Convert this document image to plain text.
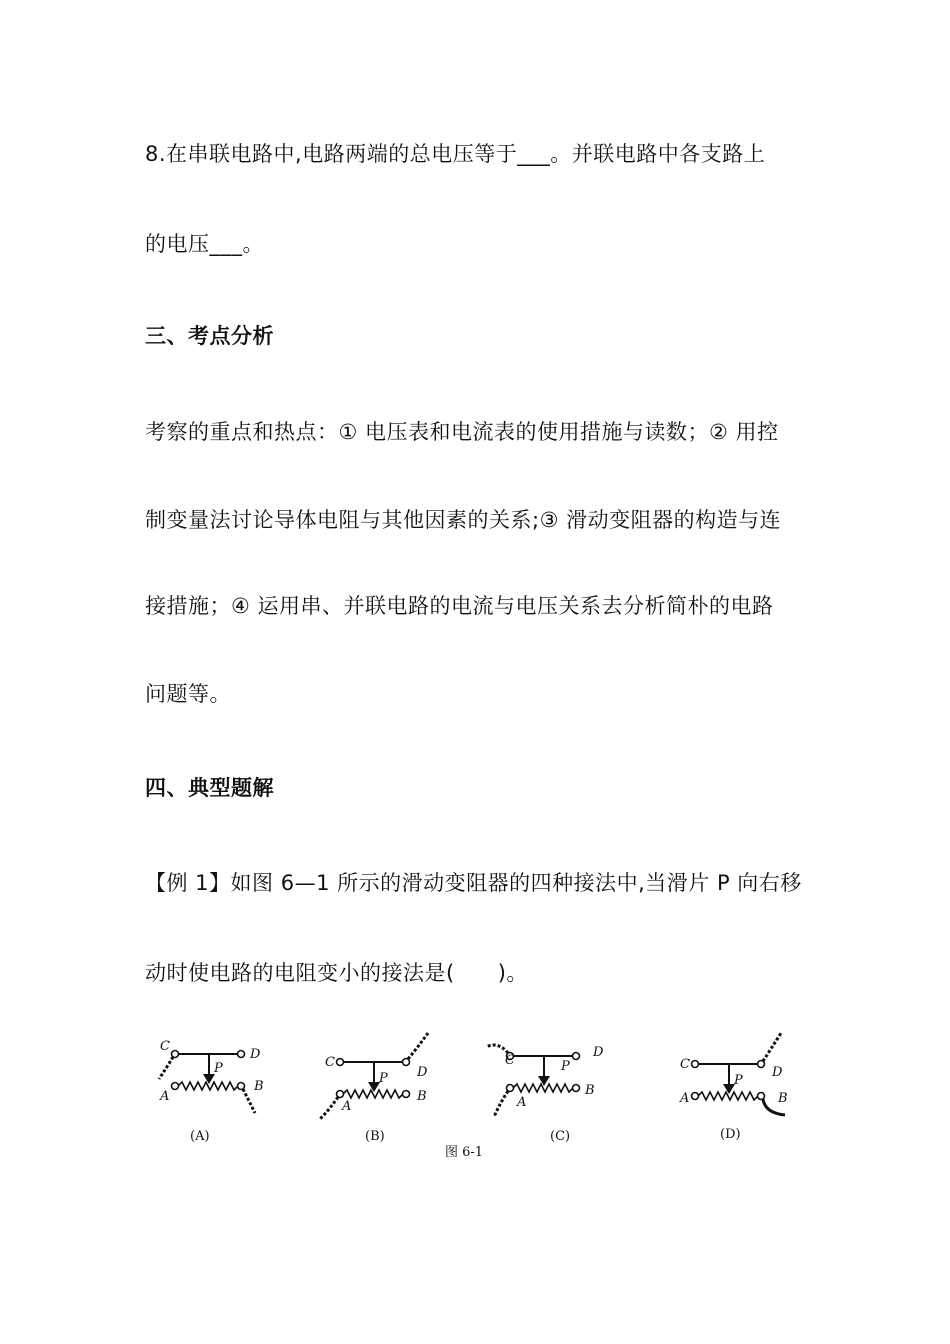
8.在串联电路中,电路两端的总电压等于___。并联电路中各支路上
的电压___。
三、考点分析
考察的重点和热点：① 电压表和电流表的使用措施与读数；② 用控
制变量法讨论导体电阻与其他因素的关系;③ 滑动变阻器的构造与连
接措施；④ 运用串、并联电路的电流与电压关系去分析简朴的电路
问题等。
四、典型题解
【例 1】如图 6—1 所示的滑动变阻器的四种接法中,当滑片 P 向右移
动时使电路的电阻变小的接法是(　　)。
C
D
P
A
B
(A)
C
D
P
A
B
(B)
C
D
P
A
B
(C)
C
D
P
A	B
(D)
图 6-1
